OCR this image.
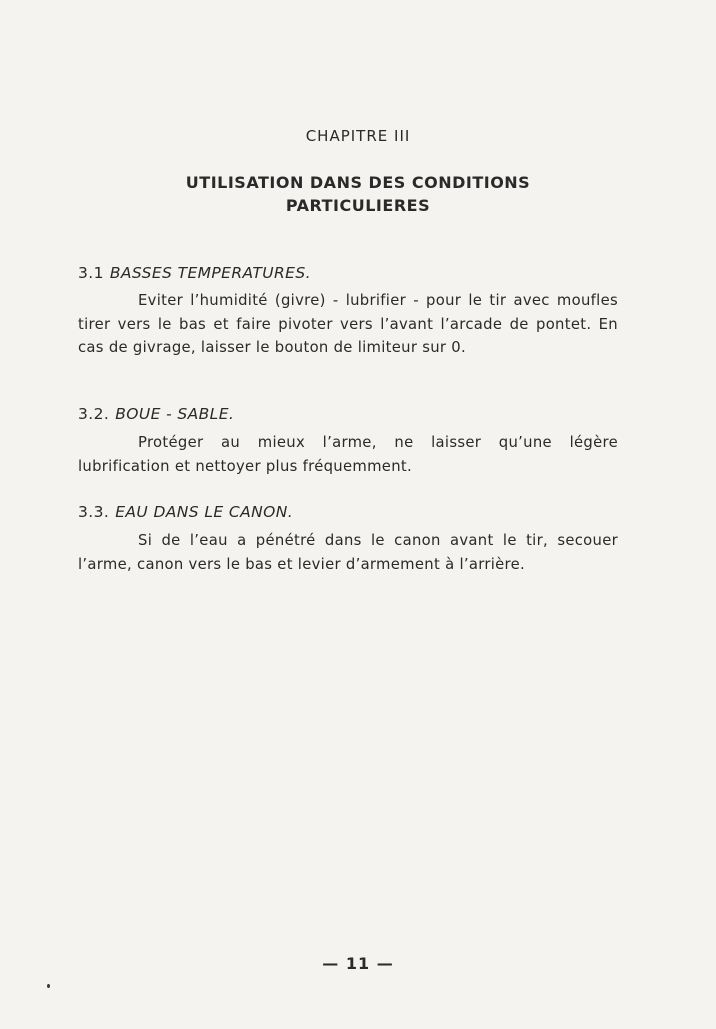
CHAPITRE III
UTILISATION DANS DES CONDITIONS
PARTICULIERES
3.1 BASSES TEMPERATURES.

Eviter l’humidité (givre) - lubrifier - pour le tir avec moufles tirer vers le bas et faire pivoter vers l’avant l’arcade de pontet. En cas de givrage, laisser le bouton de limiteur sur 0.

3.2. BOUE - SABLE.

Protéger au mieux l’arme, ne laisser qu’une légère lubrification et nettoyer plus fréquemment.

3.3. EAU DANS LE CANON.

Si de l’eau a pénétré dans le canon avant le tir, secouer l’arme, canon vers le bas et levier d’armement à l’arrière.

— 11 —
